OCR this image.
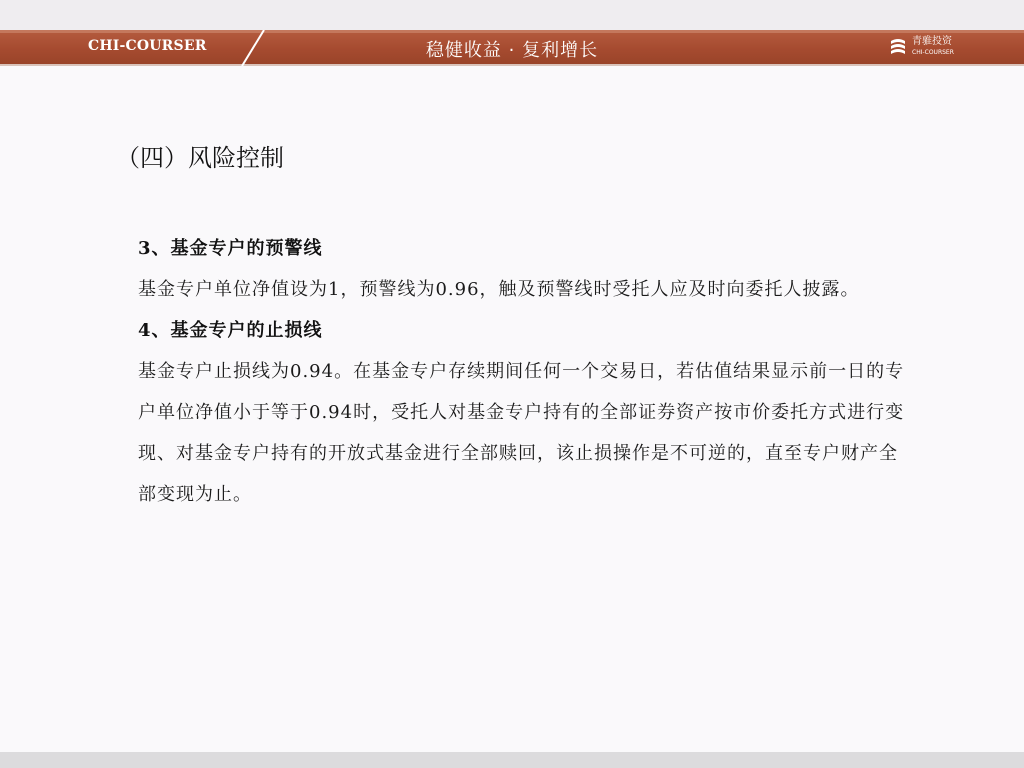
CHI-COURSER	稳健收益 · 复利增长	青骓投资
CHI-COURSER
（四）风险控制

3、基金专户的预警线

基金专户单位净值设为1，预警线为0.96，触及预警线时受托人应及时向委托人披露。

4、基金专户的止损线

基金专户止损线为0.94。在基金专户存续期间任何一个交易日，若估值结果显示前一日的专户单位净值小于等于0.94时，受托人对基金专户持有的全部证券资产按市价委托方式进行变现、对基金专户持有的开放式基金进行全部赎回，该止损操作是不可逆的，直至专户财产全部变现为止。
